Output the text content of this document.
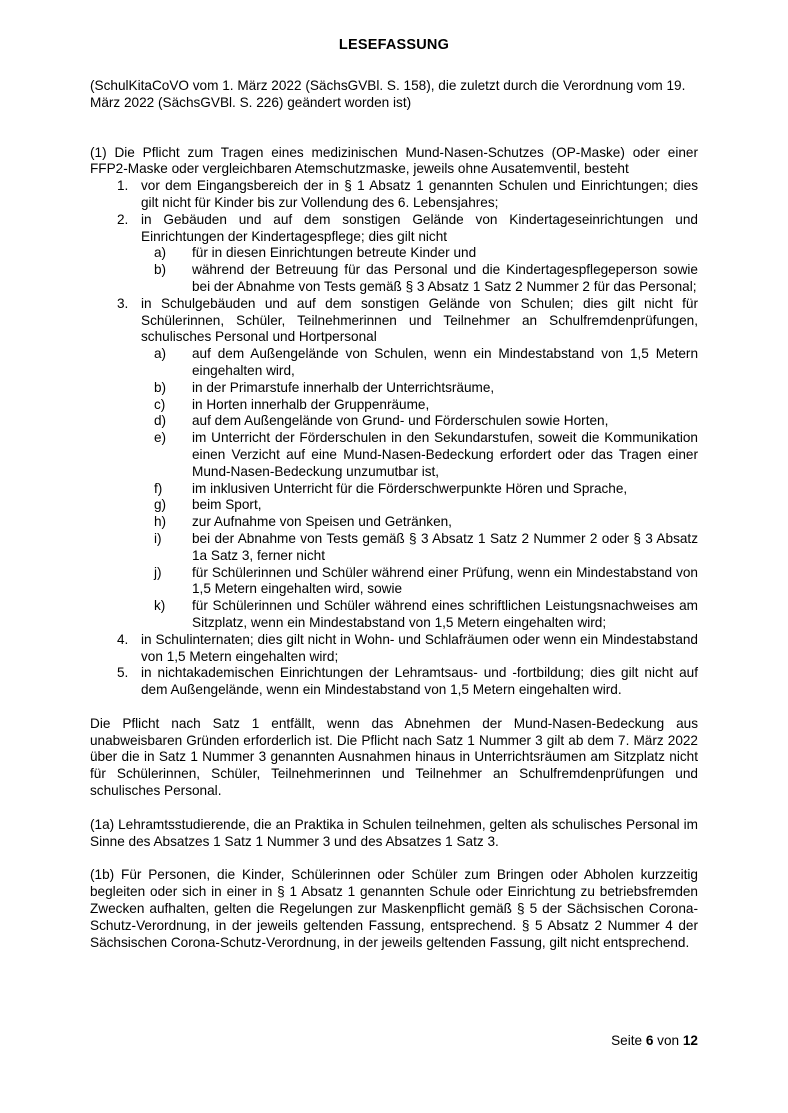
LESEFASSUNG

(SchulKitaCoVO vom 1. März 2022 (SächsGVBl. S. 158), die zuletzt durch die Verordnung vom 19. März 2022 (SächsGVBl. S. 226) geändert worden ist)

(1) Die Pflicht zum Tragen eines medizinischen Mund-Nasen-Schutzes (OP-Maske) oder einer FFP2-Maske oder vergleichbaren Atemschutzmaske, jeweils ohne Ausatemventil, besteht

1. vor dem Eingangsbereich der in § 1 Absatz 1 genannten Schulen und Einrichtungen; dies gilt nicht für Kinder bis zur Vollendung des 6. Lebensjahres;
2. in Gebäuden und auf dem sonstigen Gelände von Kindertageseinrichtungen und Einrichtungen der Kindertagespflege; dies gilt nicht
a) für in diesen Einrichtungen betreute Kinder und
b) während der Betreuung für das Personal und die Kindertagespflegeperson sowie bei der Abnahme von Tests gemäß § 3 Absatz 1 Satz 2 Nummer 2 für das Personal;
3. in Schulgebäuden und auf dem sonstigen Gelände von Schulen; dies gilt nicht für Schülerinnen, Schüler, Teilnehmerinnen und Teilnehmer an Schulfremdenprüfungen, schulisches Personal und Hortpersonal
a) auf dem Außengelände von Schulen, wenn ein Mindestabstand von 1,5 Metern eingehalten wird,
b) in der Primarstufe innerhalb der Unterrichtsräume,
c) in Horten innerhalb der Gruppenräume,
d) auf dem Außengelände von Grund- und Förderschulen sowie Horten,
e) im Unterricht der Förderschulen in den Sekundarstufen, soweit die Kommunikation einen Verzicht auf eine Mund-Nasen-Bedeckung erfordert oder das Tragen einer Mund-Nasen-Bedeckung unzumutbar ist,
f) im inklusiven Unterricht für die Förderschwerpunkte Hören und Sprache,
g) beim Sport,
h) zur Aufnahme von Speisen und Getränken,
i) bei der Abnahme von Tests gemäß § 3 Absatz 1 Satz 2 Nummer 2 oder § 3 Absatz 1a Satz 3, ferner nicht
j) für Schülerinnen und Schüler während einer Prüfung, wenn ein Mindestabstand von 1,5 Metern eingehalten wird, sowie
k) für Schülerinnen und Schüler während eines schriftlichen Leistungsnachweises am Sitzplatz, wenn ein Mindestabstand von 1,5 Metern eingehalten wird;
4. in Schulinternaten; dies gilt nicht in Wohn- und Schlafräumen oder wenn ein Mindestabstand von 1,5 Metern eingehalten wird;
5. in nichtakademischen Einrichtungen der Lehramtsaus- und -fortbildung; dies gilt nicht auf dem Außengelände, wenn ein Mindestabstand von 1,5 Metern eingehalten wird.

Die Pflicht nach Satz 1 entfällt, wenn das Abnehmen der Mund-Nasen-Bedeckung aus unabweisbaren Gründen erforderlich ist. Die Pflicht nach Satz 1 Nummer 3 gilt ab dem 7. März 2022 über die in Satz 1 Nummer 3 genannten Ausnahmen hinaus in Unterrichtsräumen am Sitzplatz nicht für Schülerinnen, Schüler, Teilnehmerinnen und Teilnehmer an Schulfremdenprüfungen und schulisches Personal.

(1a) Lehramtsstudierende, die an Praktika in Schulen teilnehmen, gelten als schulisches Personal im Sinne des Absatzes 1 Satz 1 Nummer 3 und des Absatzes 1 Satz 3.

(1b) Für Personen, die Kinder, Schülerinnen oder Schüler zum Bringen oder Abholen kurzzeitig begleiten oder sich in einer in § 1 Absatz 1 genannten Schule oder Einrichtung zu betriebsfremden Zwecken aufhalten, gelten die Regelungen zur Maskenpflicht gemäß § 5 der Sächsischen Corona-Schutz-Verordnung, in der jeweils geltenden Fassung, entsprechend. § 5 Absatz 2 Nummer 4 der Sächsischen Corona-Schutz-Verordnung, in der jeweils geltenden Fassung, gilt nicht entsprechend.

Seite 6 von 12
